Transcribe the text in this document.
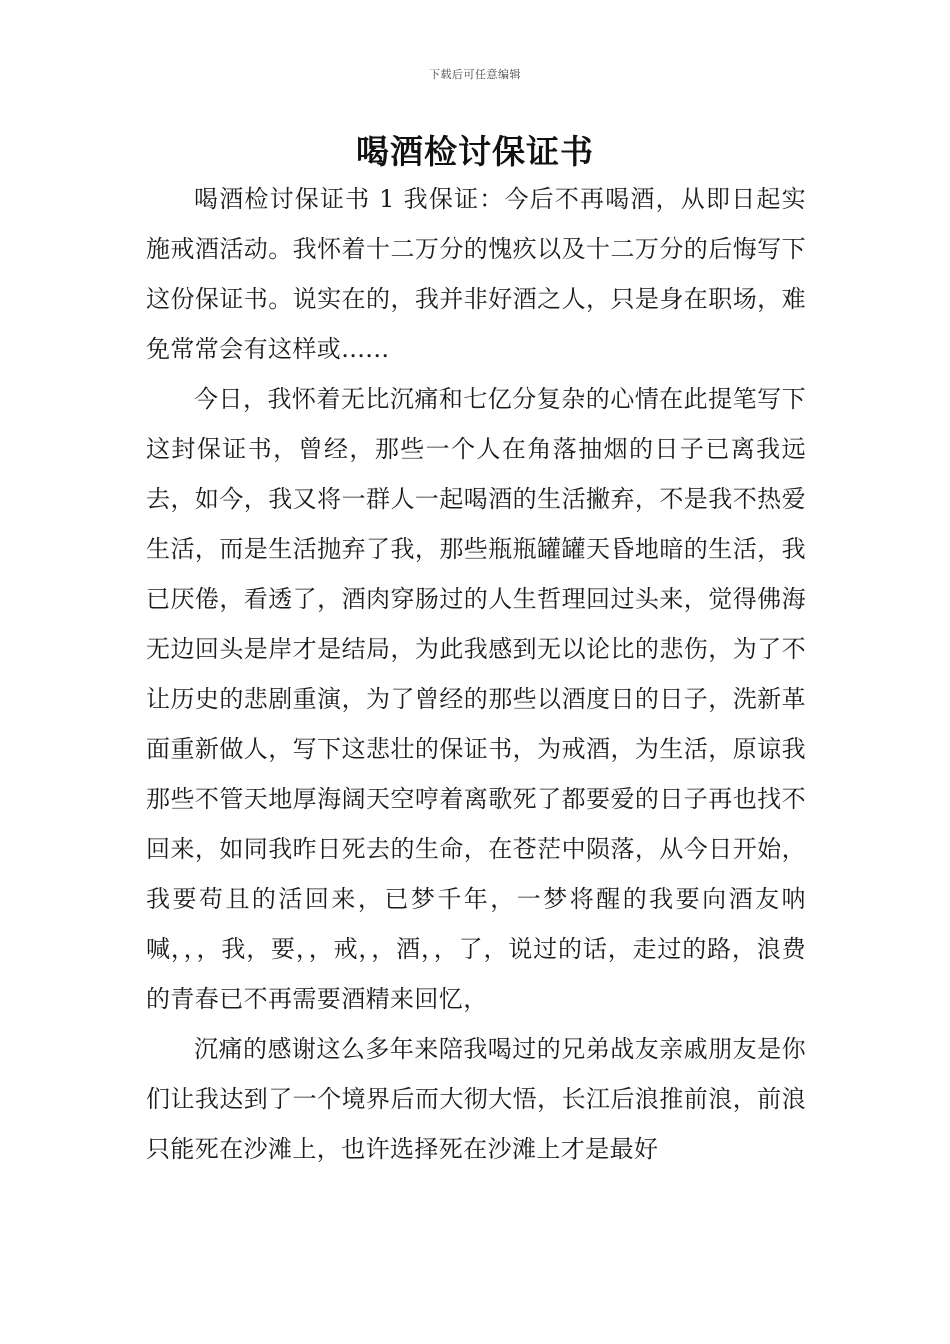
下载后可任意编辑
喝酒检讨保证书

喝酒检讨保证书 1 我保证：今后不再喝酒，从即日起实施戒酒活动。我怀着十二万分的愧疚以及十二万分的后悔写下这份保证书。说实在的，我并非好酒之人，只是身在职场，难免常常会有这样或......

今日，我怀着无比沉痛和七亿分复杂的心情在此提笔写下这封保证书，曾经，那些一个人在角落抽烟的日子已离我远去，如今，我又将一群人一起喝酒的生活撇弃，不是我不热爱生活，而是生活抛弃了我，那些瓶瓶罐罐天昏地暗的生活，我已厌倦，看透了，酒肉穿肠过的人生哲理回过头来，觉得佛海无边回头是岸才是结局，为此我感到无以论比的悲伤，为了不让历史的悲剧重演，为了曾经的那些以酒度日的日子，洗新革面重新做人，写下这悲壮的保证书，为戒酒，为生活，原谅我那些不管天地厚海阔天空哼着离歌死了都要爱的日子再也找不回来，如同我昨日死去的生命，在苍茫中陨落，从今日开始，我要苟且的活回来，已梦千年，一梦将醒的我要向酒友呐喊，，，我，要，，戒，，酒，，了，说过的话，走过的路，浪费的青春已不再需要酒精来回忆，

沉痛的感谢这么多年来陪我喝过的兄弟战友亲戚朋友是你们让我达到了一个境界后而大彻大悟，长江后浪推前浪，前浪只能死在沙滩上，也许选择死在沙滩上才是最好
